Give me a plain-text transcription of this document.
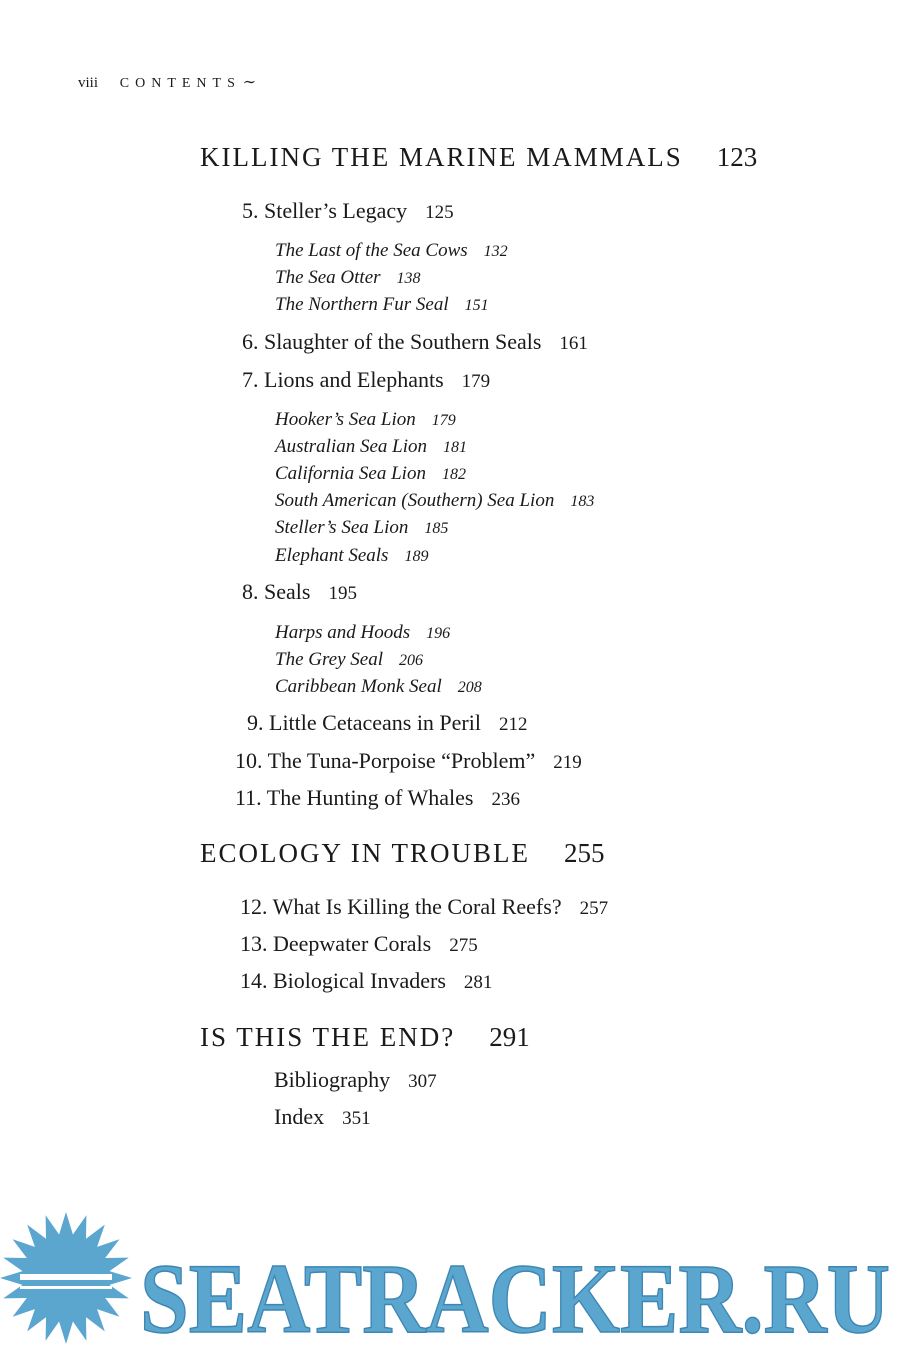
viii CONTENTS ∼
KILLING THE MARINE MAMMALS 123
5. Steller’s Legacy 125
The Last of the Sea Cows 132
The Sea Otter 138
The Northern Fur Seal 151
6. Slaughter of the Southern Seals 161
7. Lions and Elephants 179
Hooker’s Sea Lion 179
Australian Sea Lion 181
California Sea Lion 182
South American (Southern) Sea Lion 183
Steller’s Sea Lion 185
Elephant Seals 189
8. Seals 195
Harps and Hoods 196
The Grey Seal 206
Caribbean Monk Seal 208
9. Little Cetaceans in Peril 212
10. The Tuna-Porpoise “Problem” 219
11. The Hunting of Whales 236
ECOLOGY IN TROUBLE 255
12. What Is Killing the Coral Reefs? 257
13. Deepwater Corals 275
14. Biological Invaders 281
IS THIS THE END? 291
Bibliography 307
Index 351
SEATRACKER.RU
